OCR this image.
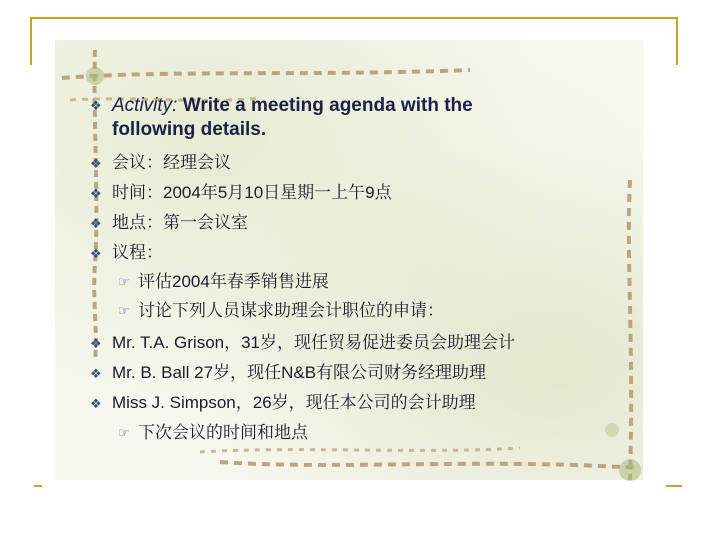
❖ Activity: Write a meeting agenda with the
following details.
❖ 会议：经理会议
❖ 时间：2004年5月10日星期一上午9点
❖ 地点：第一会议室
❖ 议程：
☞ 评估2004年春季销售进展
☞ 讨论下列人员谋求助理会计职位的申请：
❖ Mr. T.A. Grison，31岁，现任贸易促进委员会助理会计
❖ Mr. B. Ball 27岁，现任N&B有限公司财务经理助理
❖ Miss J. Simpson，26岁，现任本公司的会计助理
☞ 下次会议的时间和地点
